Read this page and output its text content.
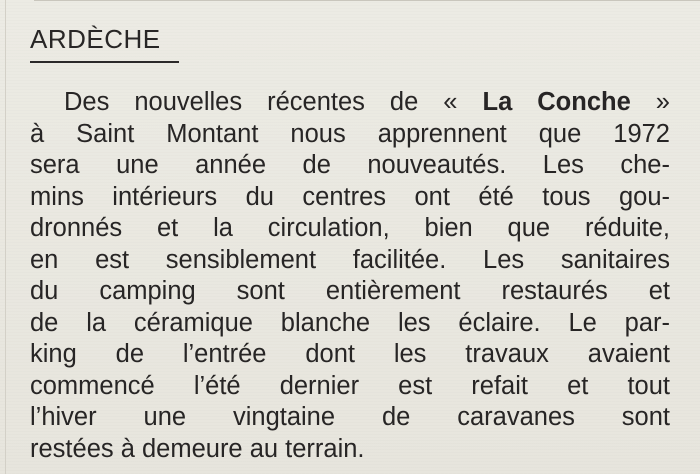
ARDÈCHE
Des nouvelles récentes de « La Conche »
à Saint Montant nous apprennent que 1972
sera une année de nouveautés. Les che-
mins intérieurs du centres ont été tous gou-
dronnés et la circulation, bien que réduite,
en est sensiblement facilitée. Les sanitaires
du camping sont entièrement restaurés et
de la céramique blanche les éclaire. Le par-
king de l’entrée dont les travaux avaient
commencé l’été dernier est refait et tout
l’hiver une vingtaine de caravanes sont
restées à demeure au terrain.
